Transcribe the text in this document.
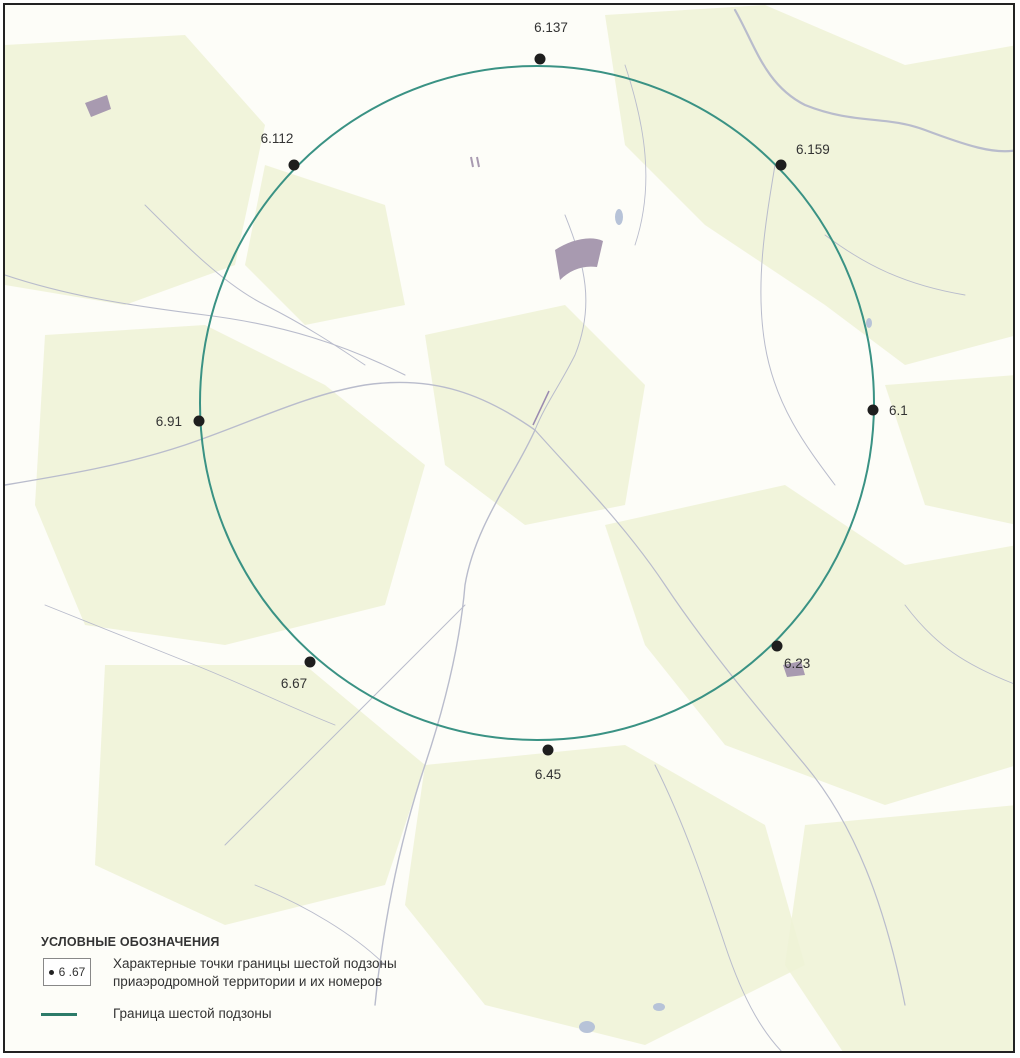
6.137
6.159
6.1
6.23
6.45
6.67
6.91
6.112
УСЛОВНЫЕ ОБОЗНАЧЕНИЯ
6 .67
Характерные точки границы шестой подзоны
приаэродромной территории и их номеров
Граница шестой подзоны
